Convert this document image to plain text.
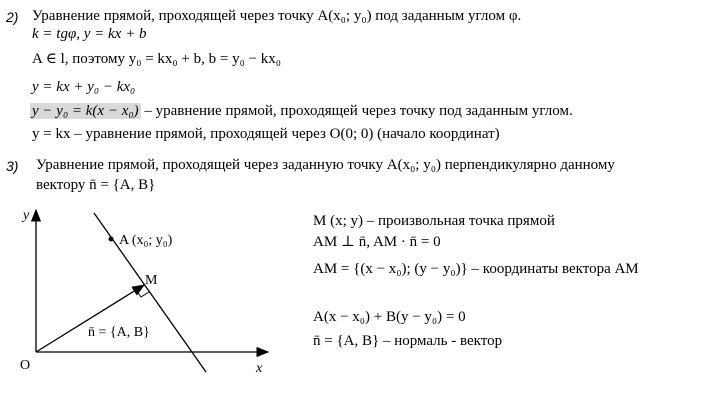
2) Уравнение прямой, проходящей через точку A(x₀; y₀) под заданным углом φ.
k = tgφ, y = kx + b
A ∈ l, поэтому y₀ = kx₀ + b, b = y₀ − kx₀
y = kx + y₀ − kx₀
y − y₀ = k(x − x₀) – уравнение прямой, проходящей через точку под заданным углом.
y = kx – уравнение прямой, проходящей через O(0; 0) (начало координат)
3) Уравнение прямой, проходящей через заданную точку A(x₀; y₀) перпендикулярно данному
вектору n̄ = {A, B}
y
x
O
A (x₀; y₀)
M
n̄ = {A, B}
M (x; y) – произвольная точка прямой
AM ⊥ n̄, AM · n̄ = 0
AM = {(x − x₀); (y − y₀)} – координаты вектора AM
A(x − x₀) + B(y − y₀) = 0
n̄ = {A, B} – нормаль - вектор
